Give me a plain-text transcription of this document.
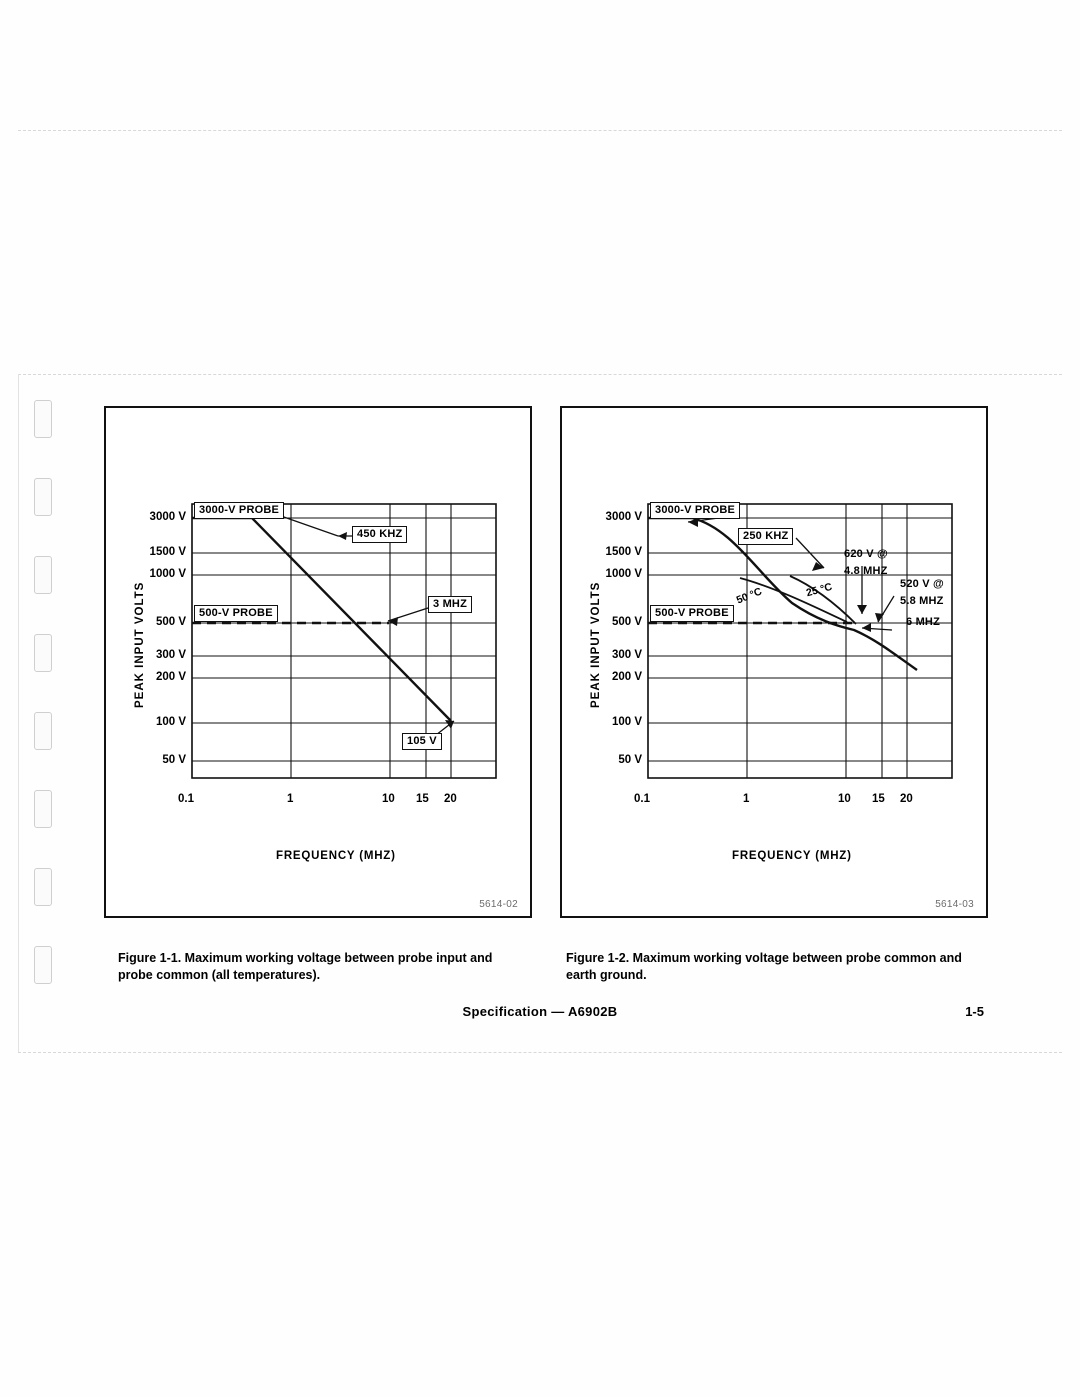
PEAK INPUT VOLTS
3000 V
1500 V
1000 V
500 V
300 V
200 V
100 V
50 V
0.1	1	10 15 20
FREQUENCY (MHZ)
3000-V PROBE
450 KHZ
500-V PROBE
3 MHZ
105 V
5614-02
PEAK INPUT VOLTS
3000 V
1500 V
1000 V
500 V
300 V
200 V
100 V
50 V
0.1	1	10 15 20
FREQUENCY (MHZ)
3000-V PROBE
250 KHZ
620 V @
4.8 MHZ
520 V @
5.8 MHZ
500-V PROBE
6 MHZ
50 °C	25 °C
5614-03
Figure 1-1. Maximum working voltage between probe input and probe common (all temperatures).
Figure 1-2. Maximum working voltage between probe common and earth ground.
Specification — A6902B	1-5
